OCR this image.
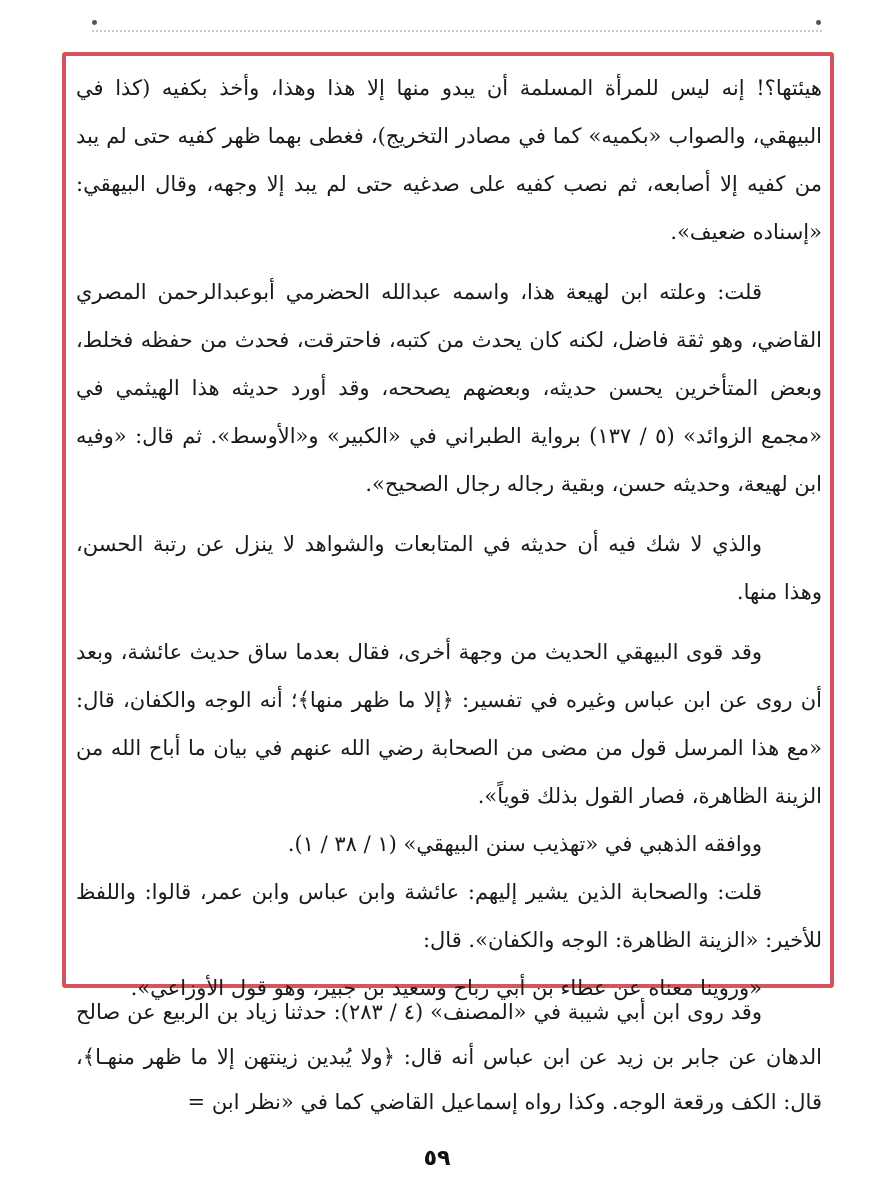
هيئتها؟! إنه ليس للمرأة المسلمة أن يبدو منها إلا هذا وهذا، وأخذ بكفيه (كذا في البيهقي، والصواب «بكميه» كما في مصادر التخريج)، فغطى بهما ظهر كفيه حتى لم يبد من كفيه إلا أصابعه، ثم نصب كفيه على صدغيه حتى لم يبد إلا وجهه، وقال البيهقي: «إسناده ضعيف».

قلت: وعلته ابن لهيعة هذا، واسمه عبدالله الحضرمي أبوعبدالرحمن المصري القاضي، وهو ثقة فاضل، لكنه كان يحدث من كتبه، فاحترقت، فحدث من حفظه فخلط، وبعض المتأخرين يحسن حديثه، وبعضهم يصححه، وقد أورد حديثه هذا الهيثمي في «مجمع الزوائد» (٥ / ١٣٧) برواية الطبراني في «الكبير» و«الأوسط». ثم قال: «وفيه ابن لهيعة، وحديثه حسن، وبقية رجاله رجال الصحيح».

والذي لا شك فيه أن حديثه في المتابعات والشواهد لا ينزل عن رتبة الحسن، وهذا منها.

وقد قوى البيهقي الحديث من وجهة أخرى، فقال بعدما ساق حديث عائشة، وبعد أن روى عن ابن عباس وغيره في تفسير: ﴿إلا ما ظهر منها﴾؛ أنه الوجه والكفان، قال: «مع هذا المرسل قول من مضى من الصحابة رضي الله عنهم في بيان ما أباح الله من الزينة الظاهرة، فصار القول بذلك قوياً».

ووافقه الذهبي في «تهذيب سنن البيهقي» (١ / ٣٨ / ١).

قلت: والصحابة الذين يشير إليهم: عائشة وابن عباس وابن عمر، قالوا: واللفظ للأخير: «الزينة الظاهرة: الوجه والكفان». قال:

«وروينا معناه عن عطاء بن أبي رباح وسعيد بن جبير، وهو قول الأوزاعي».

وقد روى ابن أبي شيبة في «المصنف» (٤ / ٢٨٣): حدثنا زياد بن الربيع عن صالح الدهان عن جابر بن زيد عن ابن عباس أنه قال: ﴿ولا يُبدين زينتهن إلا ما ظهر منهـا﴾، قال: الكف ورقعة الوجه. وكذا رواه إسماعيل القاضي كما في «نظر ابن =

٥٩
